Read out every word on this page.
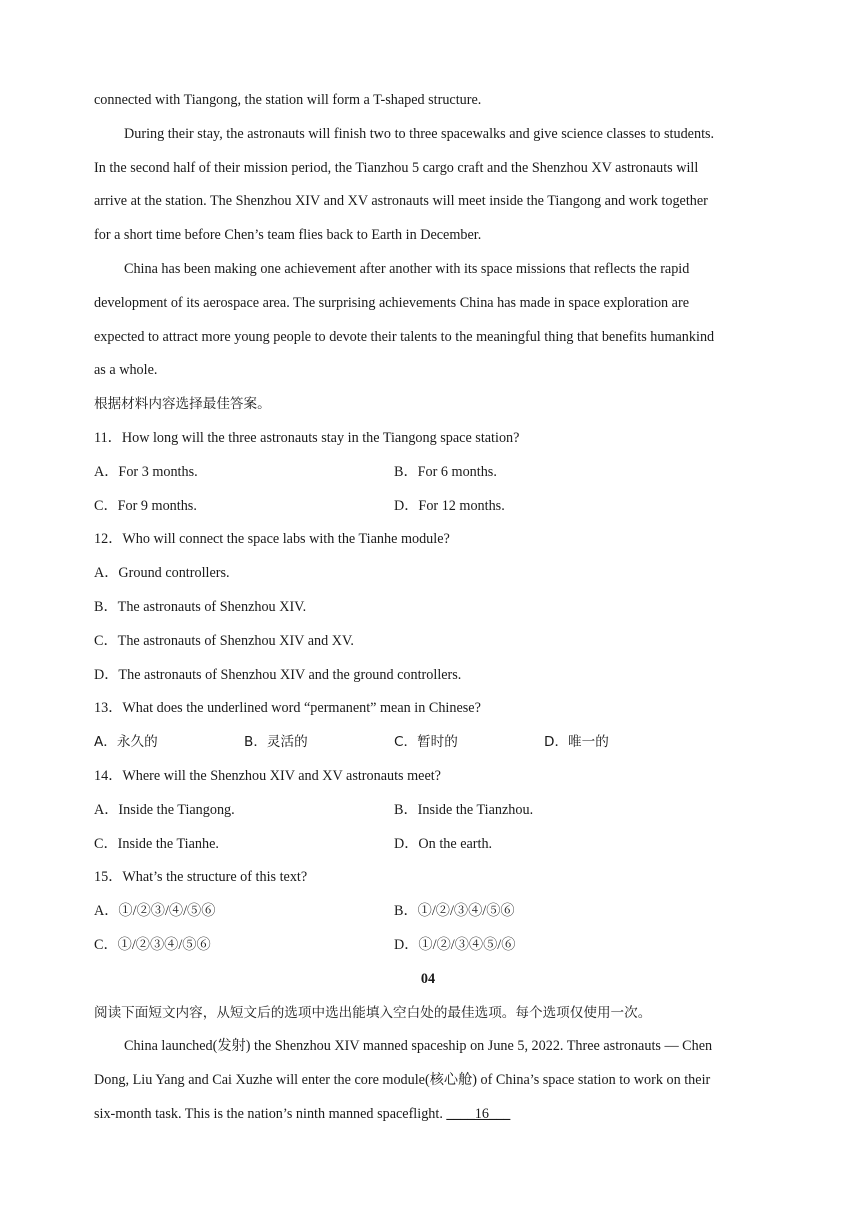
connected with Tiangong, the station will form a T-shaped structure.
During their stay, the astronauts will finish two to three spacewalks and give science classes to students.
In the second half of their mission period, the Tianzhou 5 cargo craft and the Shenzhou XV astronauts will
arrive at the station. The Shenzhou XIV and XV astronauts will meet inside the Tiangong and work together
for a short time before Chen’s team flies back to Earth in December.
China has been making one achievement after another with its space missions that reflects the rapid
development of its aerospace area. The surprising achievements China has made in space exploration are
expected to attract more young people to devote their talents to the meaningful thing that benefits humankind
as a whole.
根据材料内容选择最佳答案。
11．How long will the three astronauts stay in the Tiangong space station?
A．For 3 months.	B．For 6 months.
C．For 9 months.	D．For 12 months.
12．Who will connect the space labs with the Tianhe module?
A．Ground controllers.
B．The astronauts of Shenzhou XIV.
C．The astronauts of Shenzhou XIV and XV.
D．The astronauts of Shenzhou XIV and the ground controllers.
13．What does the underlined word “permanent” mean in Chinese?
A．永久的	B．灵活的	C．暂时的	D．唯一的
14．Where will the Shenzhou XIV and XV astronauts meet?
A．Inside the Tiangong.	B．Inside the Tianzhou.
C．Inside the Tianhe.	D．On the earth.
15．What’s the structure of this text?
A．①/②③/④/⑤⑥	B．①/②/③④/⑤⑥
C．①/②③④/⑤⑥	D．①/②/③④⑤/⑥
04
阅读下面短文内容，从短文后的选项中选出能填入空白处的最佳选项。每个选项仅使用一次。
China launched(发射) the Shenzhou XIV manned spaceship on June 5, 2022. Three astronauts — Chen
Dong, Liu Yang and Cai Xuzhe will enter the core module(核心舱) of China’s space station to work on their
six-month task. This is the nation’s ninth manned spaceflight. ____16___
